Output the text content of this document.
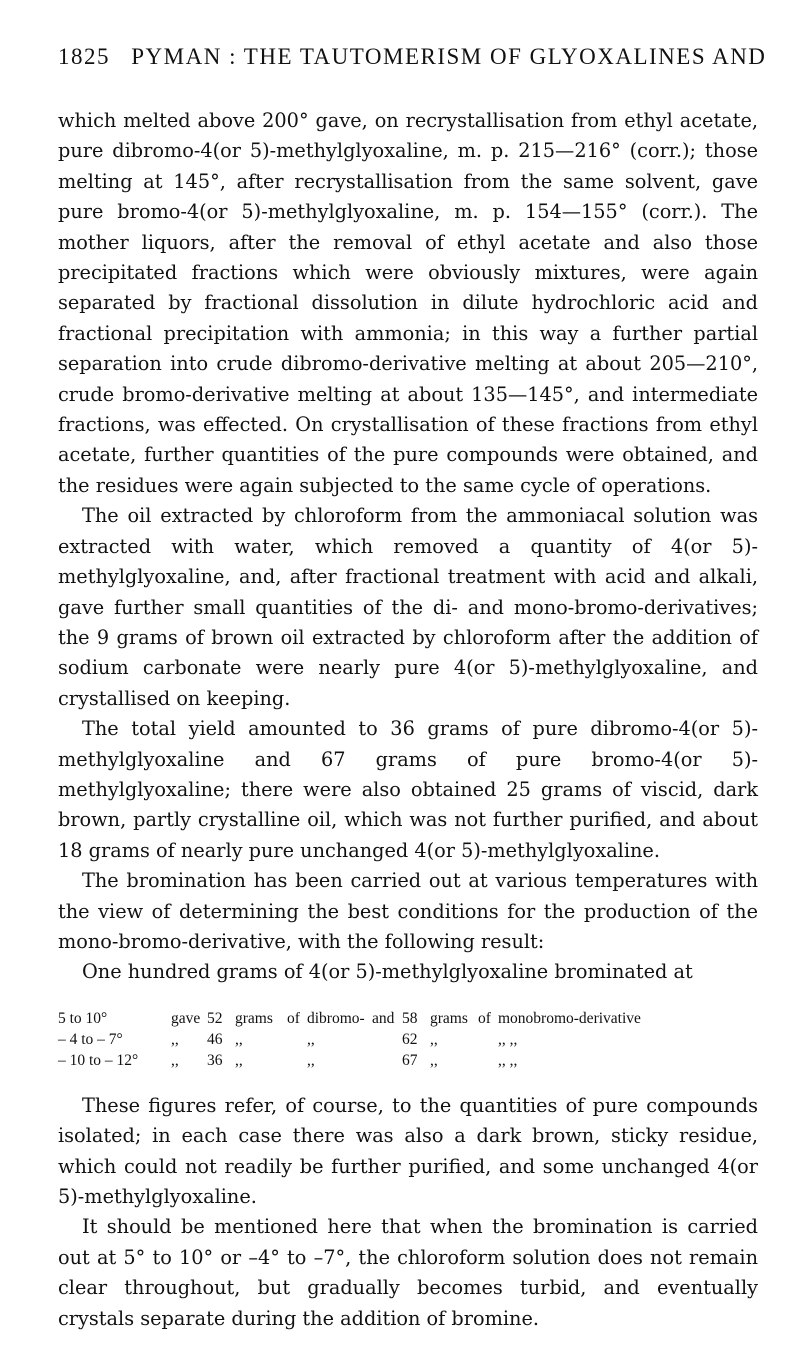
1825 PYMAN : THE TAUTOMERISM OF GLYOXALINES AND

which melted above 200° gave, on recrystallisation from ethyl acetate, pure dibromo-4(or 5)-methylglyoxaline, m. p. 215—216° (corr.); those melting at 145°, after recrystallisation from the same solvent, gave pure bromo-4(or 5)-methylglyoxaline, m. p. 154—155° (corr.). The mother liquors, after the removal of ethyl acetate and also those precipitated fractions which were obviously mixtures, were again separated by fractional dissolution in dilute hydrochloric acid and fractional precipitation with ammonia; in this way a further partial separation into crude dibromo-derivative melting at about 205—210°, crude bromo-derivative melting at about 135—145°, and intermediate fractions, was effected. On crystallisation of these fractions from ethyl acetate, further quantities of the pure compounds were obtained, and the residues were again subjected to the same cycle of operations.

The oil extracted by chloroform from the ammoniacal solution was extracted with water, which removed a quantity of 4(or 5)-methylglyoxaline, and, after fractional treatment with acid and alkali, gave further small quantities of the di- and mono-bromo-derivatives; the 9 grams of brown oil extracted by chloroform after the addition of sodium carbonate were nearly pure 4(or 5)-methylglyoxaline, and crystallised on keeping.

The total yield amounted to 36 grams of pure dibromo-4(or 5)-methylglyoxaline and 67 grams of pure bromo-4(or 5)-methylglyoxaline; there were also obtained 25 grams of viscid, dark brown, partly crystalline oil, which was not further purified, and about 18 grams of nearly pure unchanged 4(or 5)-methylglyoxaline.

The bromination has been carried out at various temperatures with the view of determining the best conditions for the production of the mono-bromo-derivative, with the following result:

One hundred grams of 4(or 5)-methylglyoxaline brominated at

5 to 10°	gave 52 grams of dibromo- and 58 grams of monobromo-derivative
– 4 to – 7°	,,	46 ,,	,,	62 ,,	,, ,,
– 10 to – 12°	,,	36 ,,	,,	67 ,,	,, ,,

These figures refer, of course, to the quantities of pure compounds isolated; in each case there was also a dark brown, sticky residue, which could not readily be further purified, and some unchanged 4(or 5)-methylglyoxaline.

It should be mentioned here that when the bromination is carried out at 5° to 10° or –4° to –7°, the chloroform solution does not remain clear throughout, but gradually becomes turbid, and eventually crystals separate during the addition of bromine.
